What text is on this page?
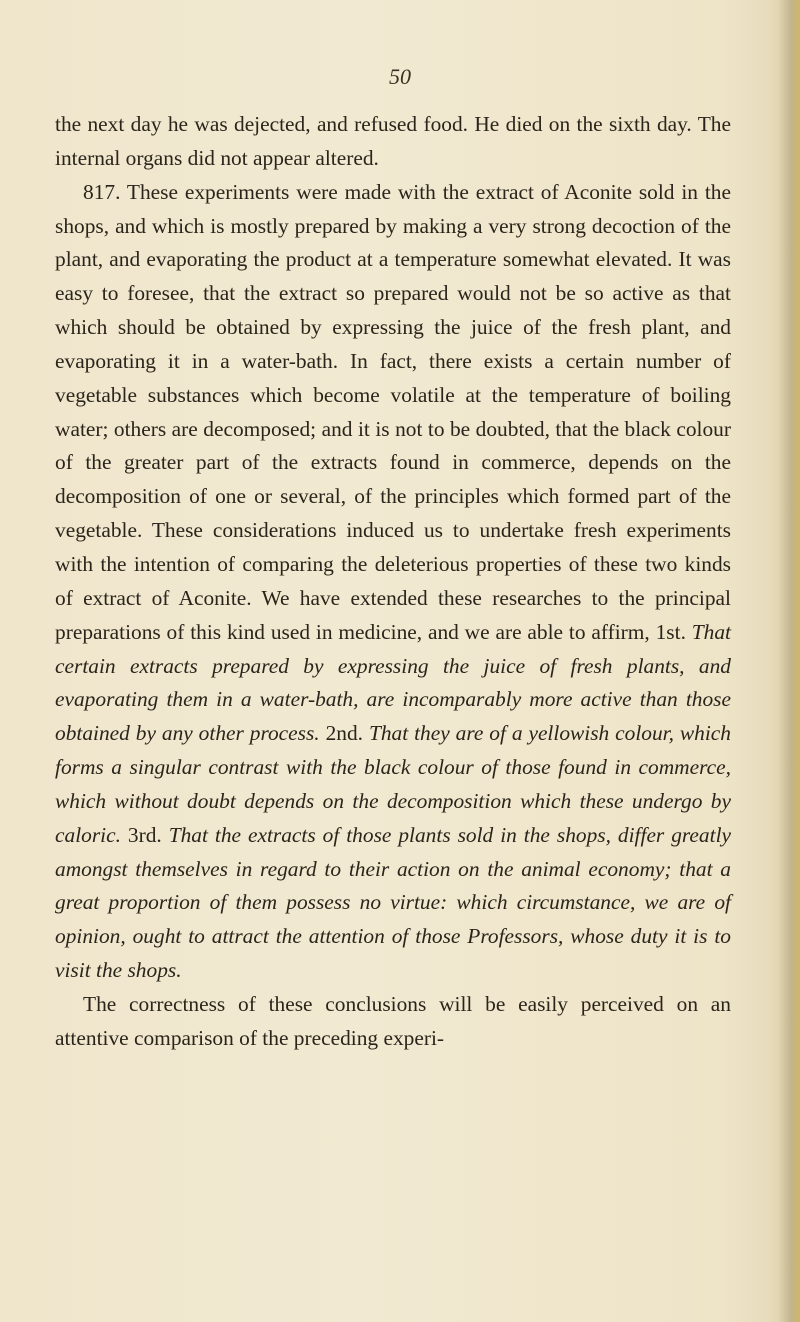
50

the next day he was dejected, and refused food. He died on the sixth day. The internal organs did not appear altered.

817. These experiments were made with the extract of Aconite sold in the shops, and which is mostly prepared by making a very strong decoction of the plant, and evaporating the product at a temperature somewhat elevated. It was easy to foresee, that the extract so prepared would not be so active as that which should be obtained by expressing the juice of the fresh plant, and evaporating it in a water-bath. In fact, there exists a certain number of vegetable substances which become volatile at the temperature of boiling water; others are decomposed; and it is not to be doubted, that the black colour of the greater part of the extracts found in commerce, depends on the decomposition of one or several, of the principles which formed part of the vegetable. These considerations induced us to undertake fresh experiments with the intention of comparing the deleterious properties of these two kinds of extract of Aconite. We have extended these researches to the principal preparations of this kind used in medicine, and we are able to affirm, 1st. That certain extracts prepared by expressing the juice of fresh plants, and evaporating them in a water-bath, are incomparably more active than those obtained by any other process. 2nd. That they are of a yellowish colour, which forms a singular contrast with the black colour of those found in commerce, which without doubt depends on the decomposition which these undergo by caloric. 3rd. That the extracts of those plants sold in the shops, differ greatly amongst themselves in regard to their action on the animal economy; that a great proportion of them possess no virtue: which circumstance, we are of opinion, ought to attract the attention of those Professors, whose duty it is to visit the shops.

The correctness of these conclusions will be easily perceived on an attentive comparison of the preceding experi-
